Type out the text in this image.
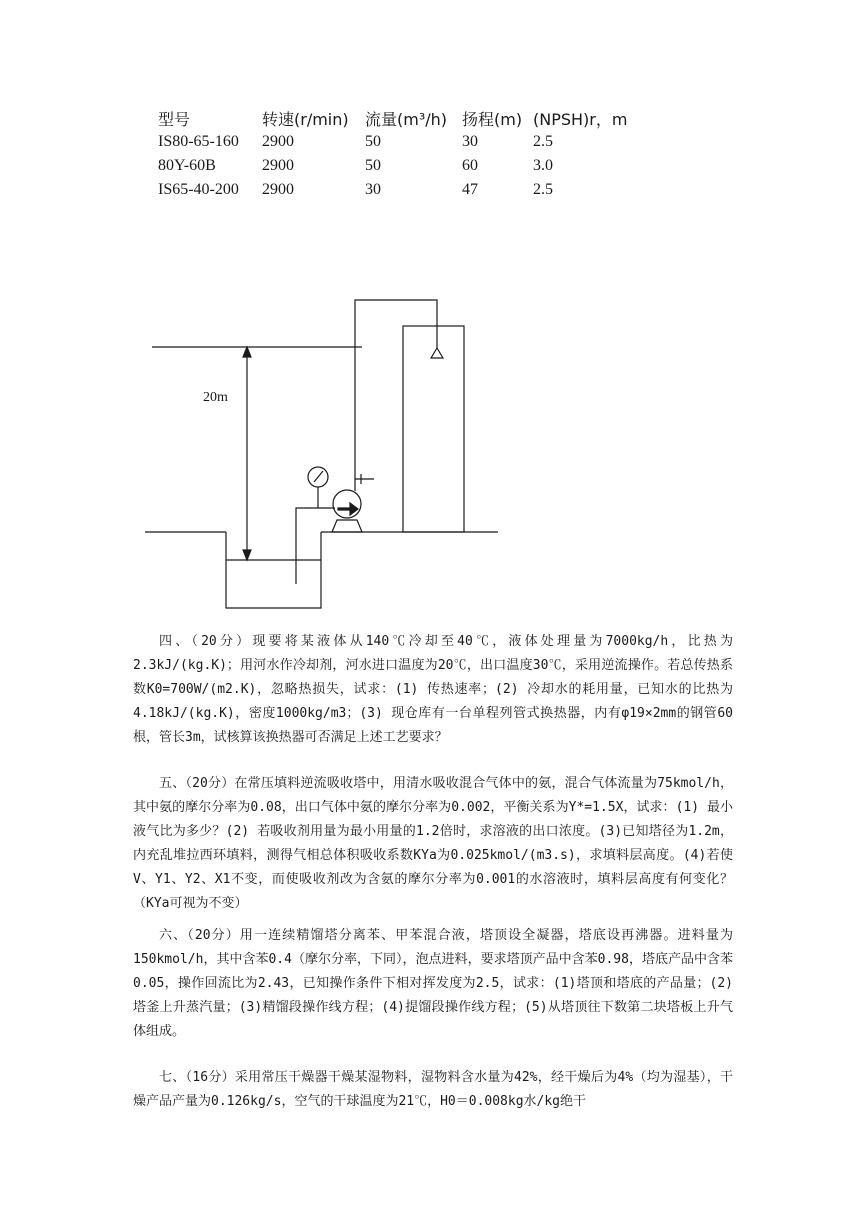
型号	转速(r/min)	流量(m³/h)	扬程(m)	(NPSH)r，m
IS80-65-160	2900	50	30	2.5
80Y-60B	2900	50	60	3.0
IS65-40-200	2900	30	47	2.5
20m

四、（20分）现要将某液体从140℃冷却至40℃，液体处理量为7000kg/h，比热为2.3kJ/(kg.K)；用河水作冷却剂，河水进口温度为20℃，出口温度30℃，采用逆流操作。若总传热系数K0=700W/(m2.K)，忽略热损失，试求：(1) 传热速率；(2) 冷却水的耗用量，已知水的比热为4.18kJ/(kg.K)，密度1000kg/m3；(3) 现仓库有一台单程列管式换热器，内有φ19×2mm的钢管60根，管长3m，试核算该换热器可否满足上述工艺要求？

五、（20分）在常压填料逆流吸收塔中，用清水吸收混合气体中的氨，混合气体流量为75kmol/h，其中氨的摩尔分率为0.08，出口气体中氨的摩尔分率为0.002，平衡关系为Y*=1.5X，试求：(1) 最小液气比为多少？(2) 若吸收剂用量为最小用量的1.2倍时，求溶液的出口浓度。(3)已知塔径为1.2m，内充乱堆拉西环填料，测得气相总体积吸收系数KYa为0.025kmol/(m3.s)，求填料层高度。(4)若使V、Y1、Y2、X1不变，而使吸收剂改为含氨的摩尔分率为0.001的水溶液时，填料层高度有何变化？（KYa可视为不变）

六、（20分）用一连续精馏塔分离苯、甲苯混合液，塔顶设全凝器，塔底设再沸器。进料量为150kmol/h，其中含苯0.4（摩尔分率，下同），泡点进料，要求塔顶产品中含苯0.98，塔底产品中含苯0.05，操作回流比为2.43，已知操作条件下相对挥发度为2.5，试求：(1)塔顶和塔底的产品量；(2)塔釜上升蒸汽量；(3)精馏段操作线方程；(4)提馏段操作线方程；(5)从塔顶往下数第二块塔板上升气体组成。

七、（16分）采用常压干燥器干燥某湿物料，湿物料含水量为42%，经干燥后为4%（均为湿基），干燥产品产量为0.126kg/s，空气的干球温度为21℃，H0＝0.008kg水/kg绝干
